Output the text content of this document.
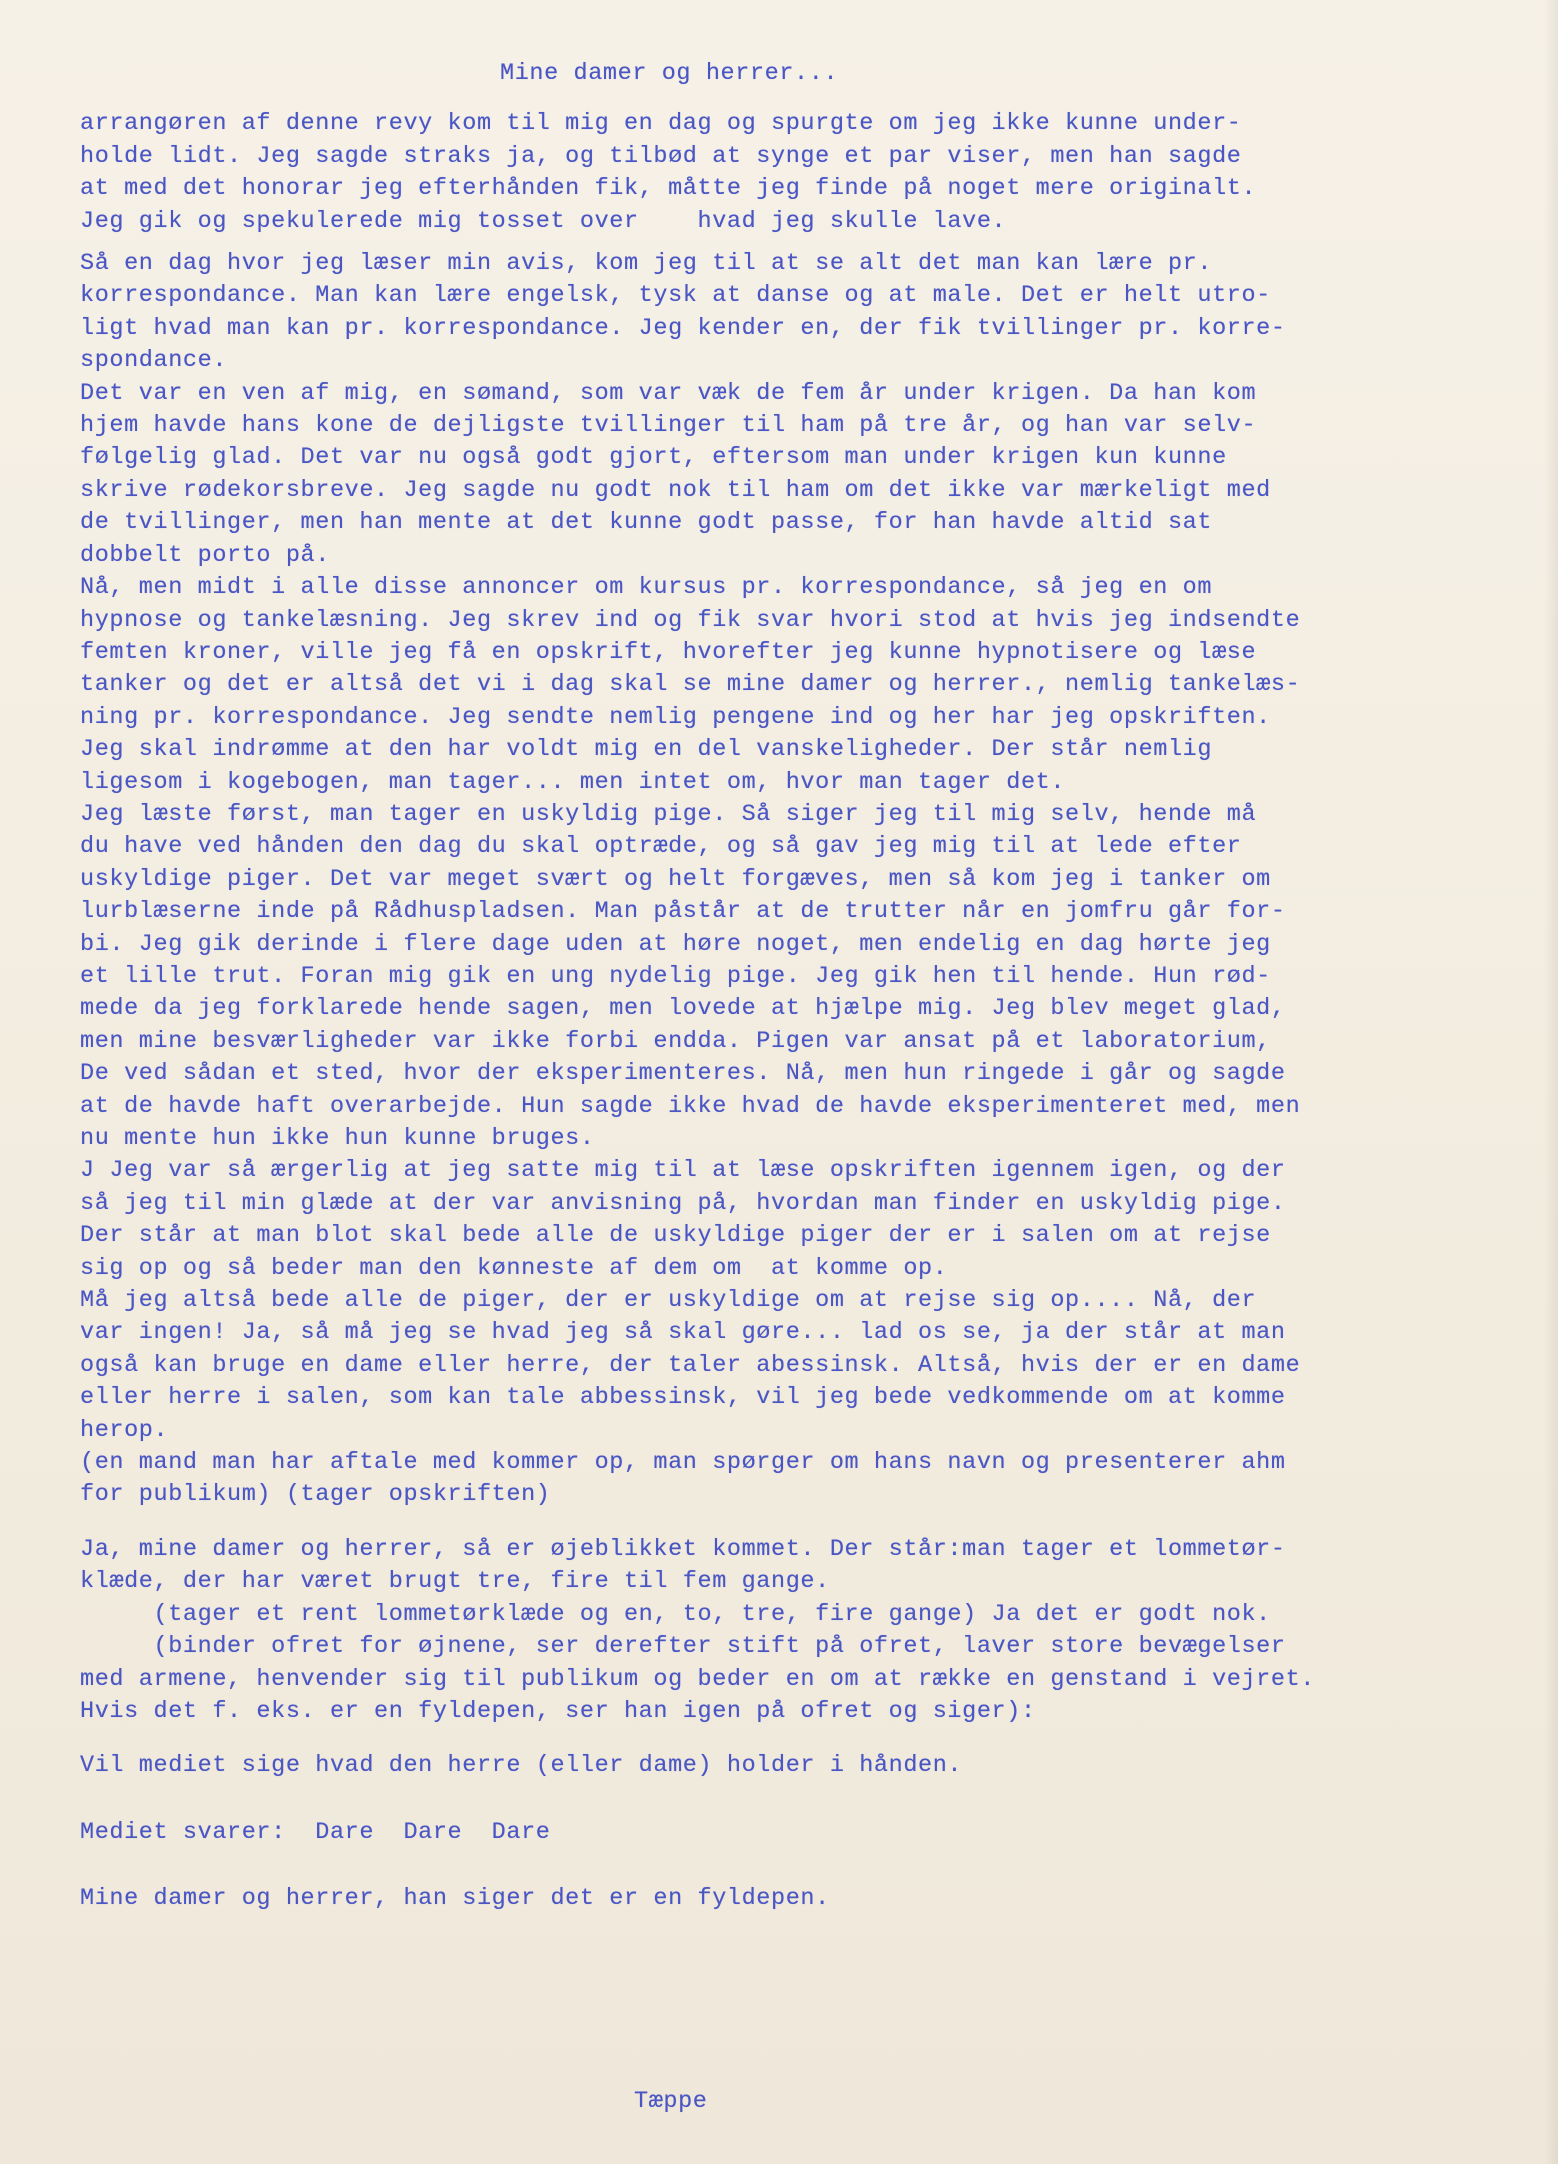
Mine damer og herrer...
arrangøren af denne revy kom til mig en dag og spurgte om jeg ikke kunne under-
holde lidt. Jeg sagde straks ja, og tilbød at synge et par viser, men han sagde
at med det honorar jeg efterhånden fik, måtte jeg finde på noget mere originalt.
Jeg gik og spekulerede mig tosset over    hvad jeg skulle lave.
Så en dag hvor jeg læser min avis, kom jeg til at se alt det man kan lære pr.
korrespondance. Man kan lære engelsk, tysk at danse og at male. Det er helt utro-
ligt hvad man kan pr. korrespondance. Jeg kender en, der fik tvillinger pr. korre-
spondance.
Det var en ven af mig, en sømand, som var væk de fem år under krigen. Da han kom
hjem havde hans kone de dejligste tvillinger til ham på tre år, og han var selv-
følgelig glad. Det var nu også godt gjort, eftersom man under krigen kun kunne
skrive rødekorsbreve. Jeg sagde nu godt nok til ham om det ikke var mærkeligt med
de tvillinger, men han mente at det kunne godt passe, for han havde altid sat
dobbelt porto på.
Nå, men midt i alle disse annoncer om kursus pr. korrespondance, så jeg en om
hypnose og tankelæsning. Jeg skrev ind og fik svar hvori stod at hvis jeg indsendte
femten kroner, ville jeg få en opskrift, hvorefter jeg kunne hypnotisere og læse
tanker og det er altså det vi i dag skal se mine damer og herrer., nemlig tankelæs-
ning pr. korrespondance. Jeg sendte nemlig pengene ind og her har jeg opskriften.
Jeg skal indrømme at den har voldt mig en del vanskeligheder. Der står nemlig
ligesom i kogebogen, man tager... men intet om, hvor man tager det.
Jeg læste først, man tager en uskyldig pige. Så siger jeg til mig selv, hende må
du have ved hånden den dag du skal optræde, og så gav jeg mig til at lede efter
uskyldige piger. Det var meget svært og helt forgæves, men så kom jeg i tanker om
lurblæserne inde på Rådhuspladsen. Man påstår at de trutter når en jomfru går for-
bi. Jeg gik derinde i flere dage uden at høre noget, men endelig en dag hørte jeg
et lille trut. Foran mig gik en ung nydelig pige. Jeg gik hen til hende. Hun rød-
mede da jeg forklarede hende sagen, men lovede at hjælpe mig. Jeg blev meget glad,
men mine besværligheder var ikke forbi endda. Pigen var ansat på et laboratorium,
De ved sådan et sted, hvor der eksperimenteres. Nå, men hun ringede i går og sagde
at de havde haft overarbejde. Hun sagde ikke hvad de havde eksperimenteret med, men
nu mente hun ikke hun kunne bruges.
J Jeg var så ærgerlig at jeg satte mig til at læse opskriften igennem igen, og der
så jeg til min glæde at der var anvisning på, hvordan man finder en uskyldig pige.
Der står at man blot skal bede alle de uskyldige piger der er i salen om at rejse
sig op og så beder man den kønneste af dem om  at komme op.
Må jeg altså bede alle de piger, der er uskyldige om at rejse sig op.... Nå, der
var ingen! Ja, så må jeg se hvad jeg så skal gøre... lad os se, ja der står at man
også kan bruge en dame eller herre, der taler abessinsk. Altså, hvis der er en dame
eller herre i salen, som kan tale abbessinsk, vil jeg bede vedkommende om at komme
herop.
(en mand man har aftale med kommer op, man spørger om hans navn og presenterer ahm
for publikum) (tager opskriften)
Ja, mine damer og herrer, så er øjeblikket kommet. Der står:man tager et lommetør-
klæde, der har været brugt tre, fire til fem gange.
(tager et rent lommetørklæde og en, to, tre, fire gange) Ja det er godt nok.
(binder ofret for øjnene, ser derefter stift på ofret, laver store bevægelser
med armene, henvender sig til publikum og beder en om at række en genstand i vejret.
Hvis det f. eks. er en fyldepen, ser han igen på ofret og siger):
Vil mediet sige hvad den herre (eller dame) holder i hånden.
Mediet svarer:  Dare  Dare  Dare
Mine damer og herrer, han siger det er en fyldepen.
Tæppe
